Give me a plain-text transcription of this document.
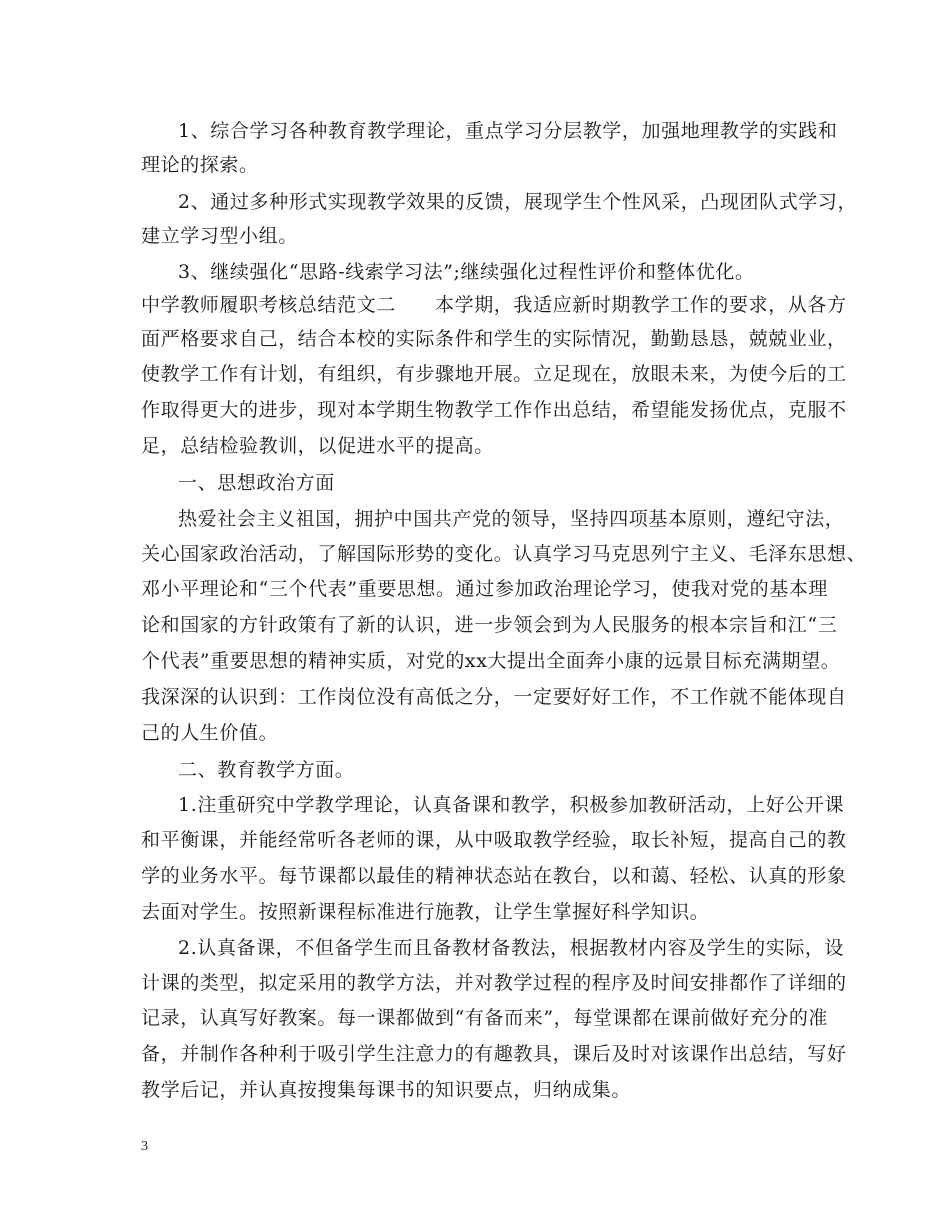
1、综合学习各种教育教学理论，重点学习分层教学，加强地理教学的实践和
理论的探索。
2、通过多种形式实现教学效果的反馈，展现学生个性风采，凸现团队式学习，
建立学习型小组。
3、继续强化“思路-线索学习法”;继续强化过程性评价和整体优化。
中学教师履职考核总结范文二　　本学期，我适应新时期教学工作的要求，从各方
面严格要求自己，结合本校的实际条件和学生的实际情况，勤勤恳恳，兢兢业业，
使教学工作有计划，有组织，有步骤地开展。立足现在，放眼未来，为使今后的工
作取得更大的进步，现对本学期生物教学工作作出总结，希望能发扬优点，克服不
足，总结检验教训，以促进水平的提高。
一、思想政治方面
热爱社会主义祖国，拥护中国共产党的领导，坚持四项基本原则，遵纪守法，
关心国家政治活动，了解国际形势的变化。认真学习马克思列宁主义、毛泽东思想、
邓小平理论和“三个代表”重要思想。通过参加政治理论学习，使我对党的基本理
论和国家的方针政策有了新的认识，进一步领会到为人民服务的根本宗旨和江“三
个代表”重要思想的精神实质，对党的xx大提出全面奔小康的远景目标充满期望。
我深深的认识到：工作岗位没有高低之分，一定要好好工作，不工作就不能体现自
己的人生价值。
二、教育教学方面。
1.注重研究中学教学理论，认真备课和教学，积极参加教研活动，上好公开课
和平衡课，并能经常听各老师的课，从中吸取教学经验，取长补短，提高自己的教
学的业务水平。每节课都以最佳的精神状态站在教台，以和蔼、轻松、认真的形象
去面对学生。按照新课程标准进行施教，让学生掌握好科学知识。
2.认真备课，不但备学生而且备教材备教法，根据教材内容及学生的实际，设
计课的类型，拟定采用的教学方法，并对教学过程的程序及时间安排都作了详细的
记录，认真写好教案。每一课都做到“有备而来”，每堂课都在课前做好充分的准
备，并制作各种利于吸引学生注意力的有趣教具，课后及时对该课作出总结，写好
教学后记，并认真按搜集每课书的知识要点，归纳成集。
3
